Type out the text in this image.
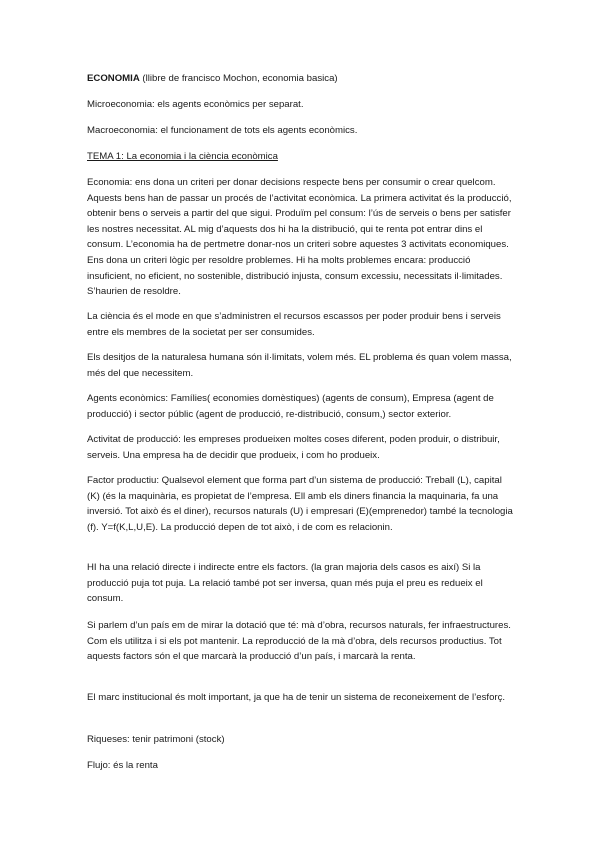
ECONOMIA (llibre de francisco Mochon, economia basica)

Microeconomia: els agents econòmics per separat.

Macroeconomia: el funcionament de tots els agents econòmics.

TEMA 1: La economia i la ciència econòmica

Economia: ens dona un criteri per donar decisions respecte bens per consumir o crear quelcom. Aquests bens han de passar un procés de l’activitat econòmica. La primera activitat és la producció, obtenir bens o serveis a partir del que sigui. Produïm pel consum: l’ús de serveis o bens per satisfer les nostres necessitat. AL mig d’aquests dos hi ha la distribució, qui te renta pot entrar dins el consum. L’economia ha de pertmetre donar-nos un criteri sobre aquestes 3 activitats economiques. Ens dona un criteri lògic per resoldre problemes. Hi ha molts problemes encara: producció insuficient, no eficient, no sostenible, distribució injusta, consum excessiu, necessitats il·limitades. S’haurien de resoldre.

La ciència és el mode en que s’administren el recursos escassos per poder produir bens i serveis entre els membres de la societat per ser consumides.

Els desitjos de la naturalesa humana són il·limitats, volem més. EL problema és quan volem massa, més del que necessitem.

Agents econòmics: Famílies( economies domèstiques) (agents de consum), Empresa (agent de producció) i sector públic (agent de producció, re-distribució, consum,) sector exterior.

Activitat de producció: les empreses produeixen moltes coses diferent, poden produir, o distribuir, serveis. Una empresa ha de decidir que produeix, i com ho produeix.

Factor productiu: Qualsevol element que forma part d’un sistema de producció: Treball (L), capital (K) (és la maquinària, es propietat de l’empresa. Ell amb els diners financia la maquinaria, fa una inversió. Tot això és el diner), recursos naturals (U) i empresari (E)(emprenedor) també la tecnologia (f). Y=f(K,L,U,E). La producció depen de tot això, i de com es relacionin.

HI ha una relació directe i indirecte entre els factors. (la gran majoria dels casos es així) Si la producció puja tot puja. La relació també pot ser inversa, quan més puja el preu es redueix el consum.

Si parlem d’un país em de mirar la dotació que té: mà d’obra, recursos naturals, fer infraestructures. Com els utilitza i si els pot mantenir. La reproducció de la mà d’obra, dels recursos productius. Tot aquests factors són el que marcarà la producció d’un país, i marcarà la renta.

El marc institucional és molt important, ja que ha de tenir un sistema de reconeixement de l’esforç.

Riqueses: tenir patrimoni (stock)

Flujo: és la renta
